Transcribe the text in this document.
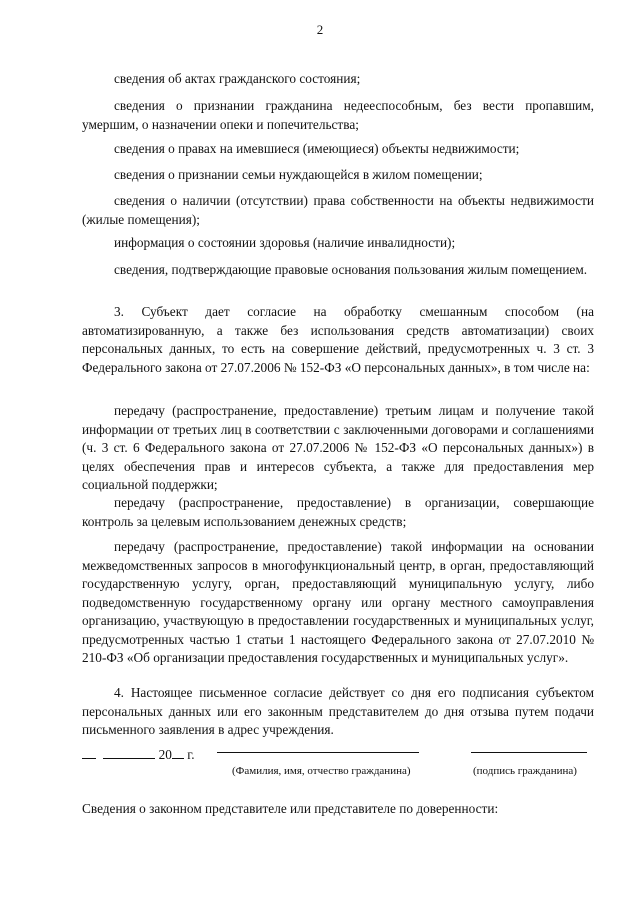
2

сведения об актах гражданского состояния;

сведения о признании гражданина недееспособным, без вести пропавшим, умершим, о назначении опеки и попечительства;

сведения о правах на имевшиеся (имеющиеся) объекты недвижимости;

сведения о признании семьи нуждающейся в жилом помещении;

сведения о наличии (отсутствии) права собственности на объекты недвижимости (жилые помещения);

информация о состоянии здоровья (наличие инвалидности);

сведения, подтверждающие правовые основания пользования жилым помещением.

3. Субъект дает согласие на обработку смешанным способом (на автоматизированную, а также без использования средств автоматизации) своих персональных данных, то есть на совершение действий, предусмотренных ч. 3 ст. 3 Федерального закона от 27.07.2006 № 152-ФЗ «О персональных данных», в том числе на:

передачу (распространение, предоставление) третьим лицам и получение такой информации от третьих лиц в соответствии с заключенными договорами и соглашениями (ч. 3 ст. 6 Федерального закона от 27.07.2006 № 152-ФЗ «О персональных данных») в целях обеспечения прав и интересов субъекта, а также для предоставления мер социальной поддержки;

передачу (распространение, предоставление) в организации, совершающие контроль за целевым использованием денежных средств;

передачу (распространение, предоставление) такой информации на основании межведомственных запросов в многофункциональный центр, в орган, предоставляющий государственную услугу, орган, предоставляющий муниципальную услугу, либо подведомственную государственному органу или органу местного самоуправления организацию, участвующую в предоставлении государственных и муниципальных услуг, предусмотренных частью 1 статьи 1 настоящего Федерального закона от 27.07.2010 № 210-ФЗ «Об организации предоставления государственных и муниципальных услуг».

4. Настоящее письменное согласие действует со дня его подписания субъектом персональных данных или его законным представителем до дня отзыва путем подачи письменного заявления в адрес учреждения.

20 г.
(Фамилия, имя, отчество гражданина)	(подпись гражданина)

Сведения о законном представителе или представителе по доверенности:
